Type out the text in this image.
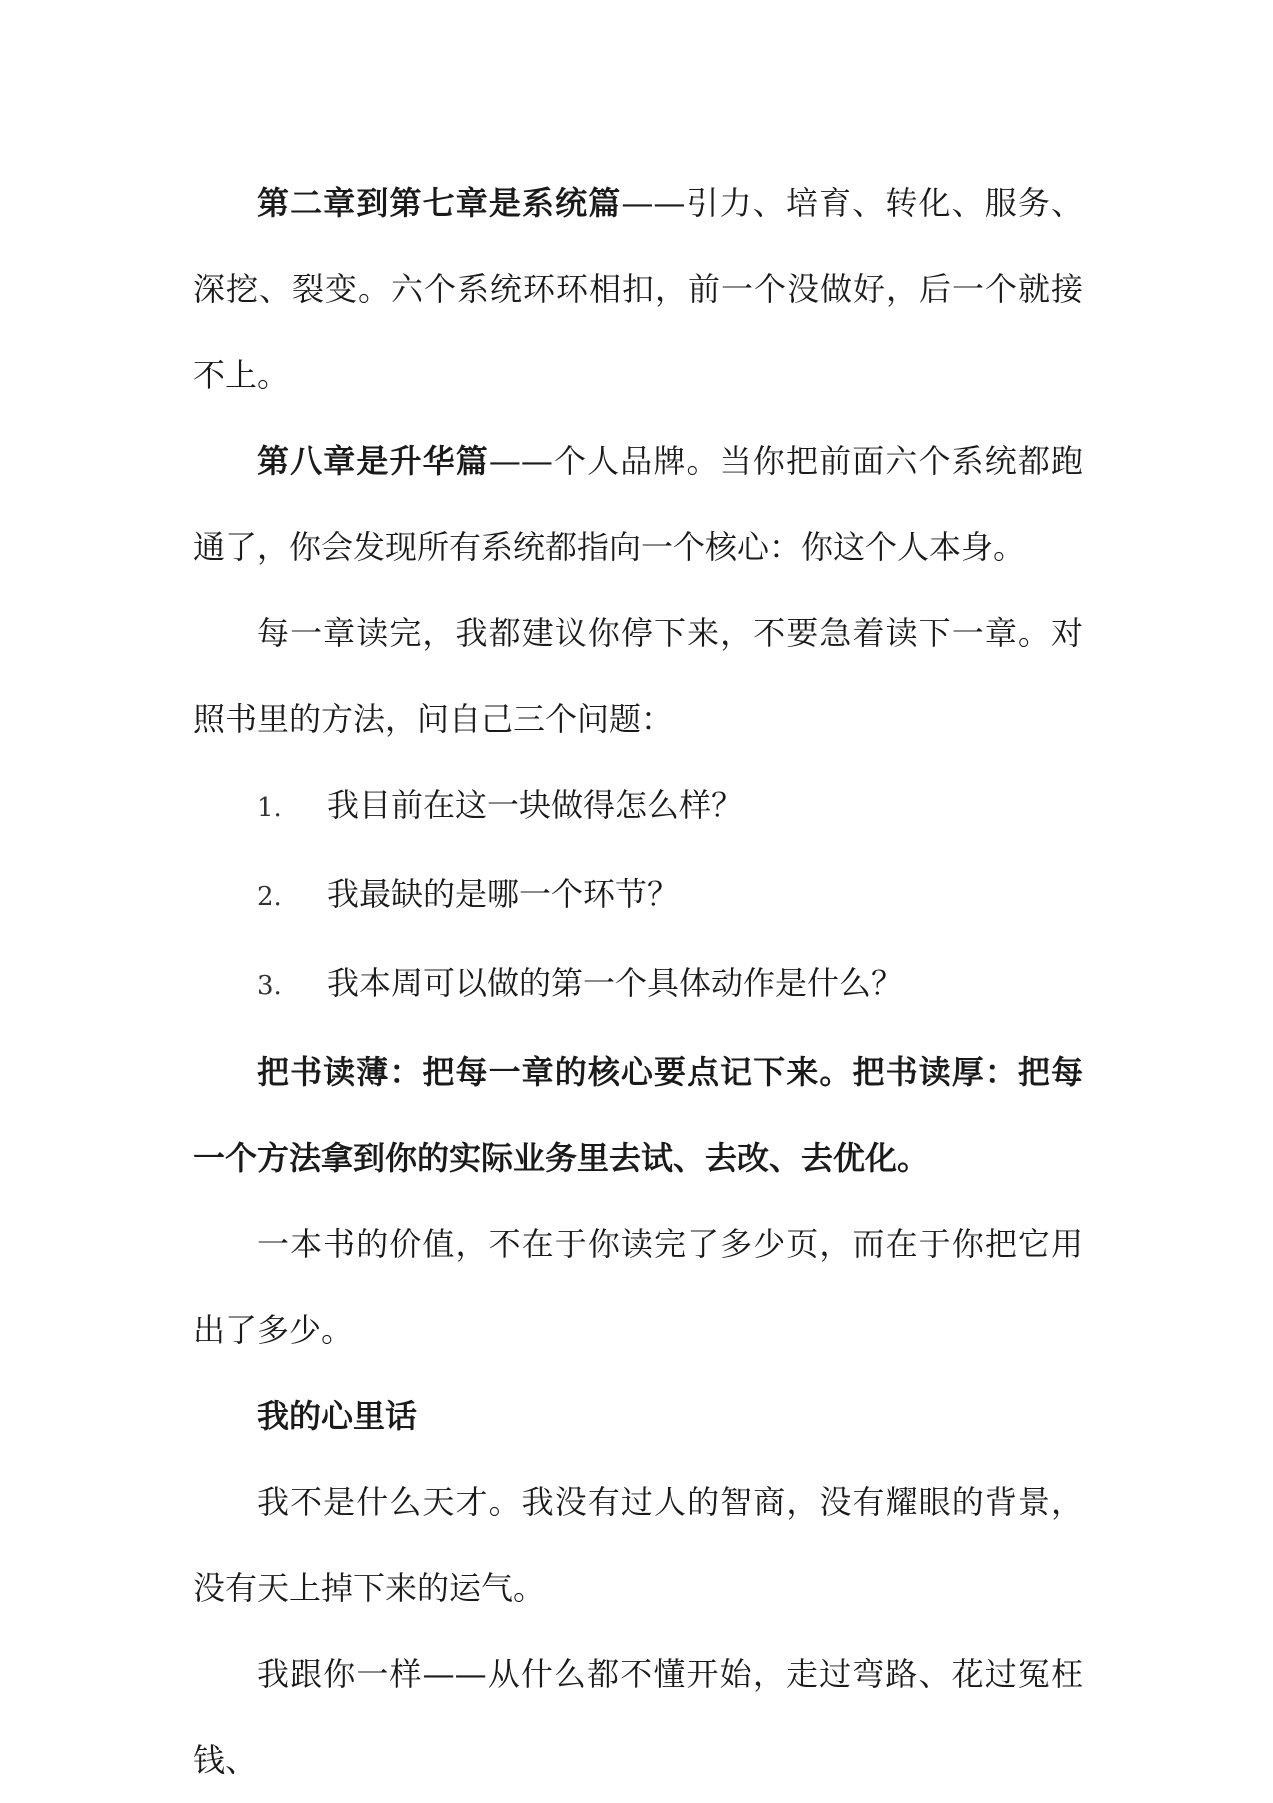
第二章到第七章是系统篇——引力、培育、转化、服务、深挖、裂变。六个系统环环相扣，前一个没做好，后一个就接不上。

第八章是升华篇——个人品牌。当你把前面六个系统都跑通了，你会发现所有系统都指向一个核心：你这个人本身。

每一章读完，我都建议你停下来，不要急着读下一章。对照书里的方法，问自己三个问题：

1. 我目前在这一块做得怎么样？

2. 我最缺的是哪一个环节？

3. 我本周可以做的第一个具体动作是什么？

把书读薄：把每一章的核心要点记下来。把书读厚：把每一个方法拿到你的实际业务里去试、去改、去优化。

一本书的价值，不在于你读完了多少页，而在于你把它用出了多少。

我的心里话

我不是什么天才。我没有过人的智商，没有耀眼的背景，没有天上掉下来的运气。

我跟你一样——从什么都不懂开始，走过弯路、花过冤枉钱、
